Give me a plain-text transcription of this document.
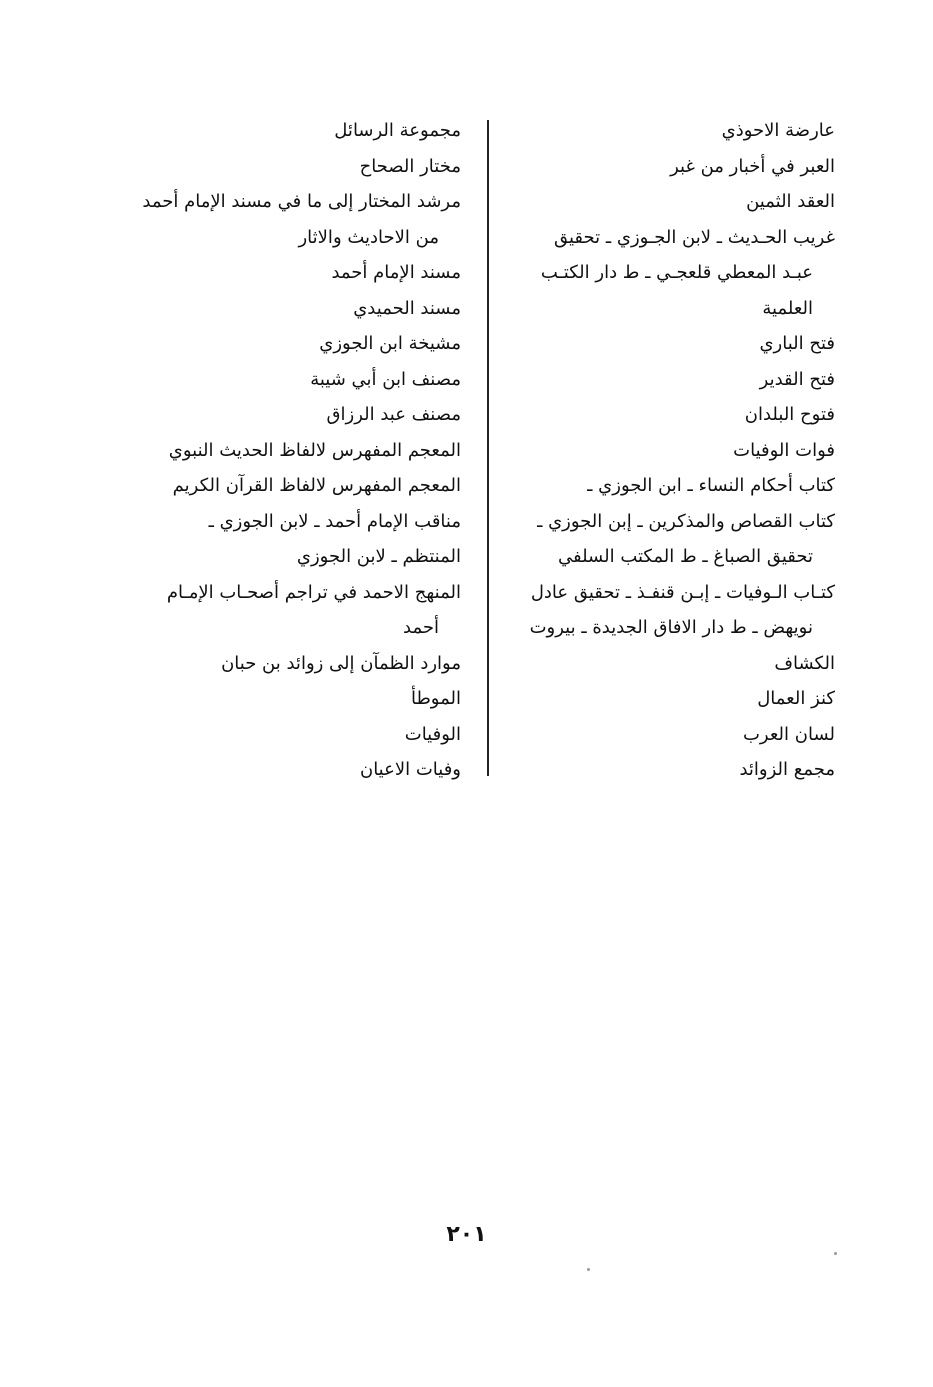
عارضة الاحوذي
العبر في أخبار من غبر
العقد الثمين
غريب الحـديث ـ لابن الجـوزي ـ تحقيق
عبـد المعطي قلعجـي ـ ط دار الكتـب
العلمية
فتح الباري
فتح القدير
فتوح البلدان
فوات الوفيات
كتاب أحكام النساء ـ ابن الجوزي ـ
كتاب القصاص والمذكرين ـ إبن الجوزي ـ
تحقيق الصباغ ـ ط المكتب السلفي
كتـاب الـوفيات ـ إبـن قنفـذ ـ تحقيق عادل
نويهض ـ ط دار الافاق الجديدة ـ بيروت
الكشاف
كنز العمال
لسان العرب
مجمع الزوائد
مجموعة الرسائل
مختار الصحاح
مرشد المختار إلى ما في مسند الإمام أحمد
من الاحاديث والاثار
مسند الإمام أحمد
مسند الحميدي
مشيخة ابن الجوزي
مصنف ابن أبي شيبة
مصنف عبد الرزاق
المعجم المفهرس لالفاظ الحديث النبوي
المعجم المفهرس لالفاظ القرآن الكريم
مناقب الإمام أحمد ـ لابن الجوزي ـ
المنتظم ـ لابن الجوزي
المنهج الاحمد في تراجم أصحـاب الإمـام
أحمد
موارد الظمآن إلى زوائد بن حبان
الموطأ
الوفيات
وفيات الاعيان
٢٠١
